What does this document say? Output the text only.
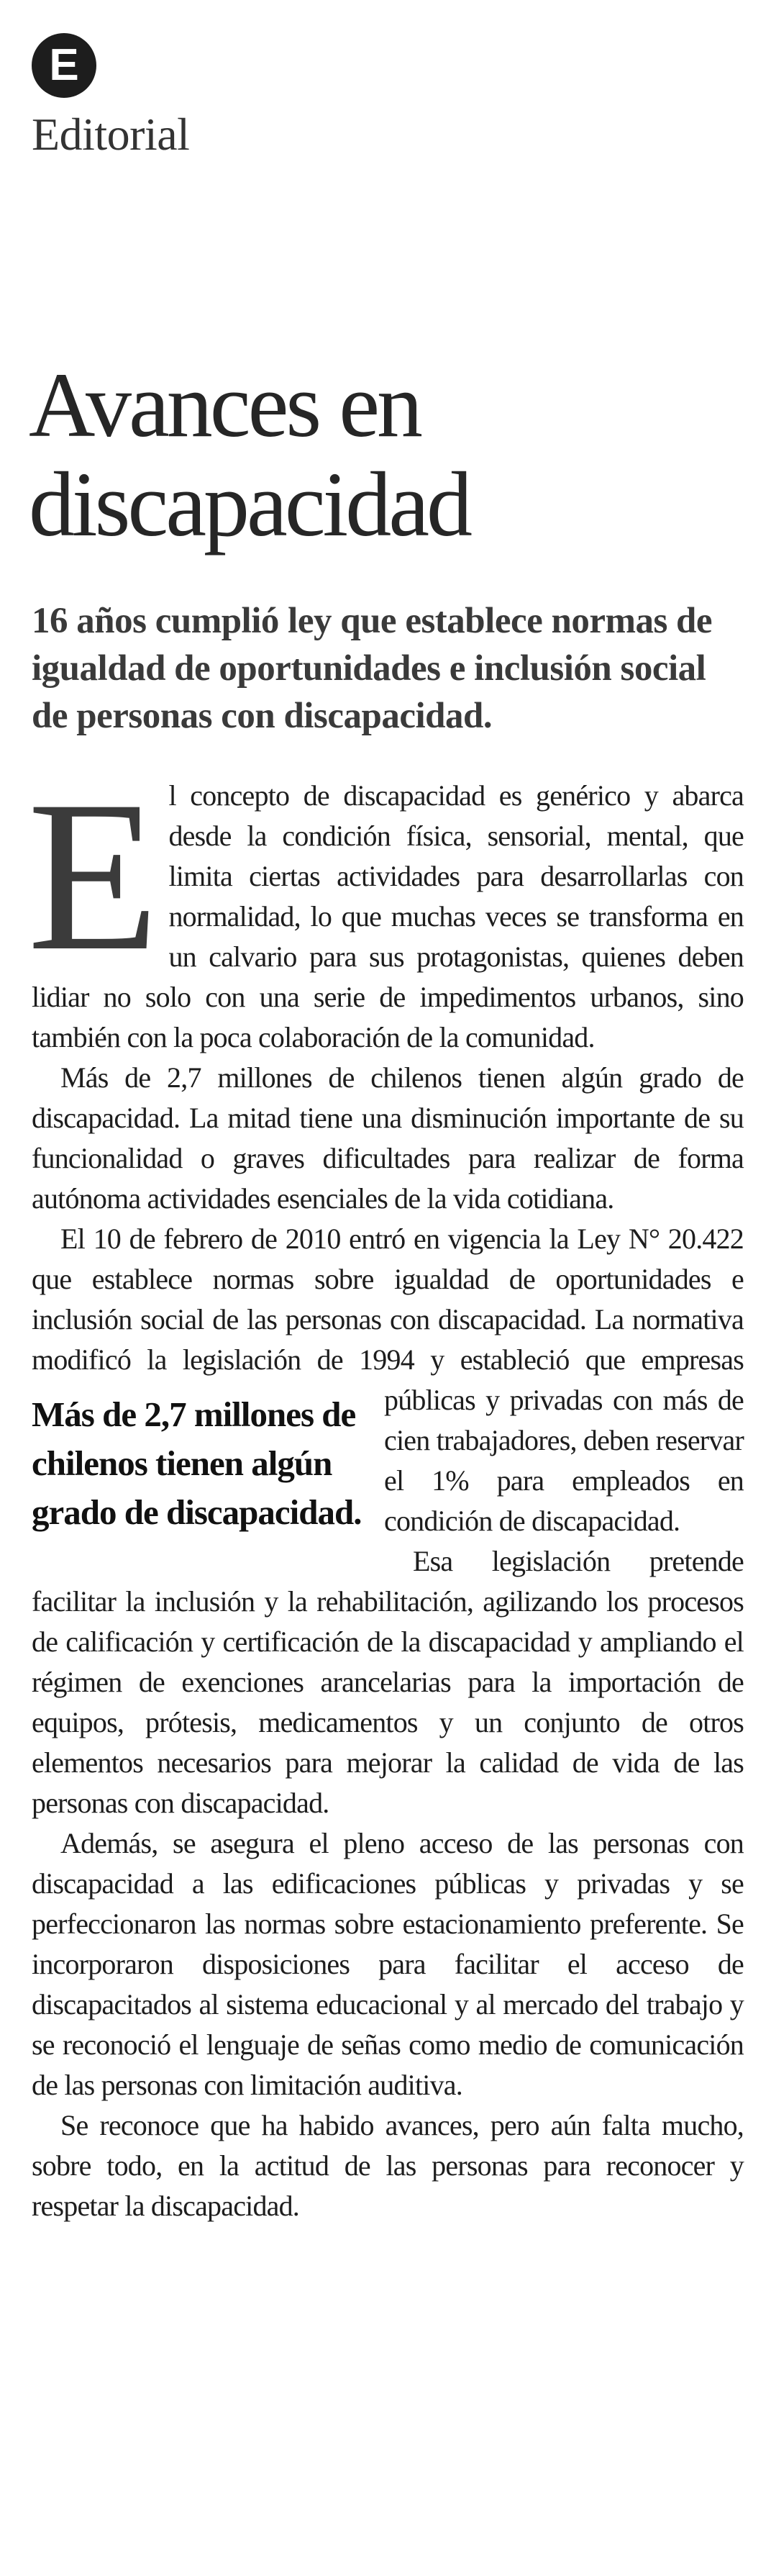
E
Editorial
Avances en discapacidad

16 años cumplió ley que establece normas de igualdad de oportunidades e inclusión social de personas con discapacidad.

El concepto de discapacidad es genérico y abarca desde la condición física, sensorial, mental, que limita ciertas actividades para desarrollarlas con normalidad, lo que muchas veces se transforma en un calvario para sus protagonistas, quienes deben lidiar no solo con una serie de impedimentos urbanos, sino también con la poca colaboración de la comunidad.

Más de 2,7 millones de chilenos tienen algún grado de discapacidad. La mitad tiene una disminución importante de su funcionalidad o graves dificultades para realizar de forma autónoma actividades esenciales de la vida cotidiana.

El 10 de febrero de 2010 entró en vigencia la Ley N° 20.422 que establece normas sobre igualdad de oportunidades e inclusión social de las personas con discapacidad. La normativa modificó la legislación de 1994 y estableció que empresas públicas y privadas con
Más de 2,7 millones de chilenos tienen algún grado de discapacidad.
más de cien trabajadores, deben reservar el 1% para empleados en condición de discapacidad.

Esa legislación pretende facilitar la inclusión y la rehabilitación, agilizando los procesos de calificación y certificación de la discapacidad y ampliando el régimen de exenciones arancelarias para la importación de equipos, prótesis, medicamentos y un conjunto de otros elementos necesarios para mejorar la calidad de vida de las personas con discapacidad.

Además, se asegura el pleno acceso de las personas con discapacidad a las edificaciones públicas y privadas y se perfeccionaron las normas sobre estacionamiento preferente. Se incorporaron disposiciones para facilitar el acceso de discapacitados al sistema educacional y al mercado del trabajo y se reconoció el lenguaje de señas como medio de comunicación de las personas con limitación auditiva.

Se reconoce que ha habido avances, pero aún falta mucho, sobre todo, en la actitud de las personas para reconocer y respetar la discapacidad.
